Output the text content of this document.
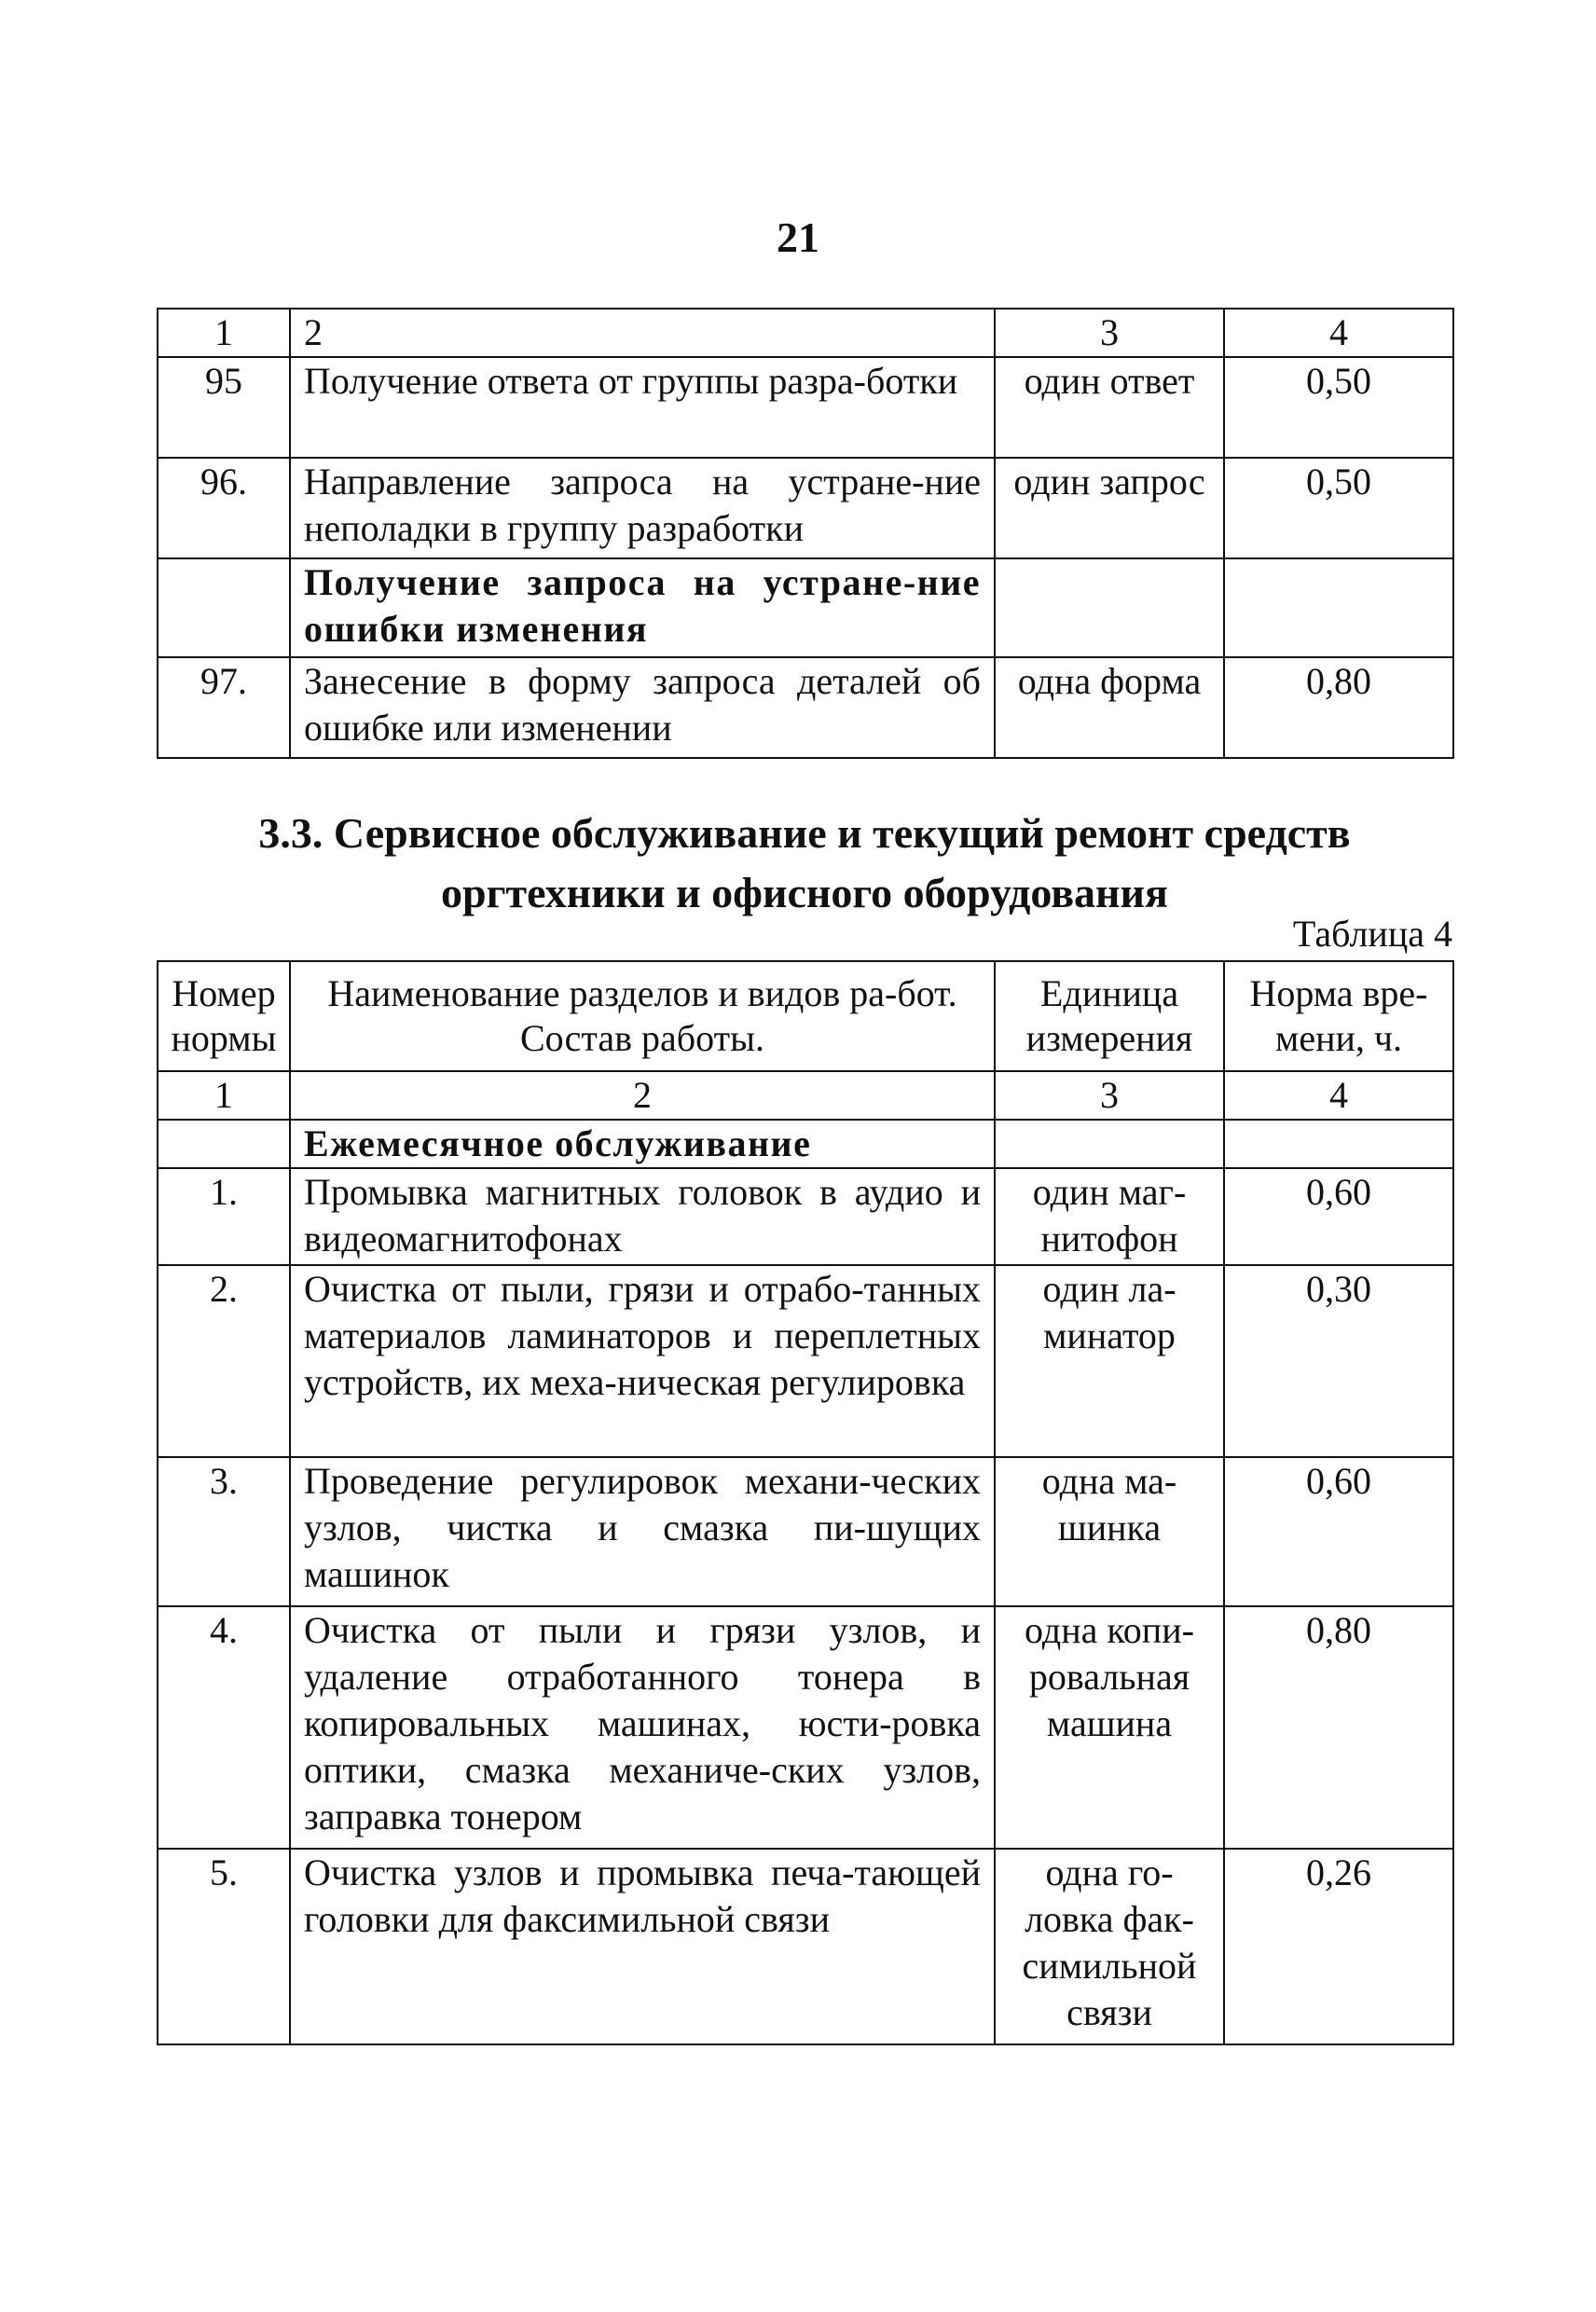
21
1	2	3	4
95	Получение ответа от группы разра-ботки	один ответ	0,50
96.	Направление запроса на устране-ние неполадки в группу разработки	один запрос	0,50
	Получение запроса на устране-ние ошибки изменения		
97.	Занесение в форму запроса деталей об ошибке или изменении	одна форма	0,80
3.3. Сервисное обслуживание и текущий ремонт средств оргтехники и офисного оборудования
Таблица 4
Номер нормы	Наименование разделов и видов ра-бот. Состав работы.	Единица измерения	Норма вре-мени, ч.
1	2	3	4
	Ежемесячное обслуживание		
1.	Промывка магнитных головок в аудио и видеомагнитофонах	один маг-нитофон	0,60
2.	Очистка от пыли, грязи и отрабо-танных материалов ламинаторов и переплетных устройств, их меха-ническая регулировка	один ла-минатор	0,30
3.	Проведение регулировок механи-ческих узлов, чистка и смазка пи-шущих машинок	одна ма-шинка	0,60
4.	Очистка от пыли и грязи узлов, и удаление отработанного тонера в копировальных машинах, юсти-ровка оптики, смазка механиче-ских узлов, заправка тонером	одна копи-ровальная машина	0,80
5.	Очистка узлов и промывка печа-тающей головки для факсимильной связи	одна го-ловка фак-симильной связи	0,26
